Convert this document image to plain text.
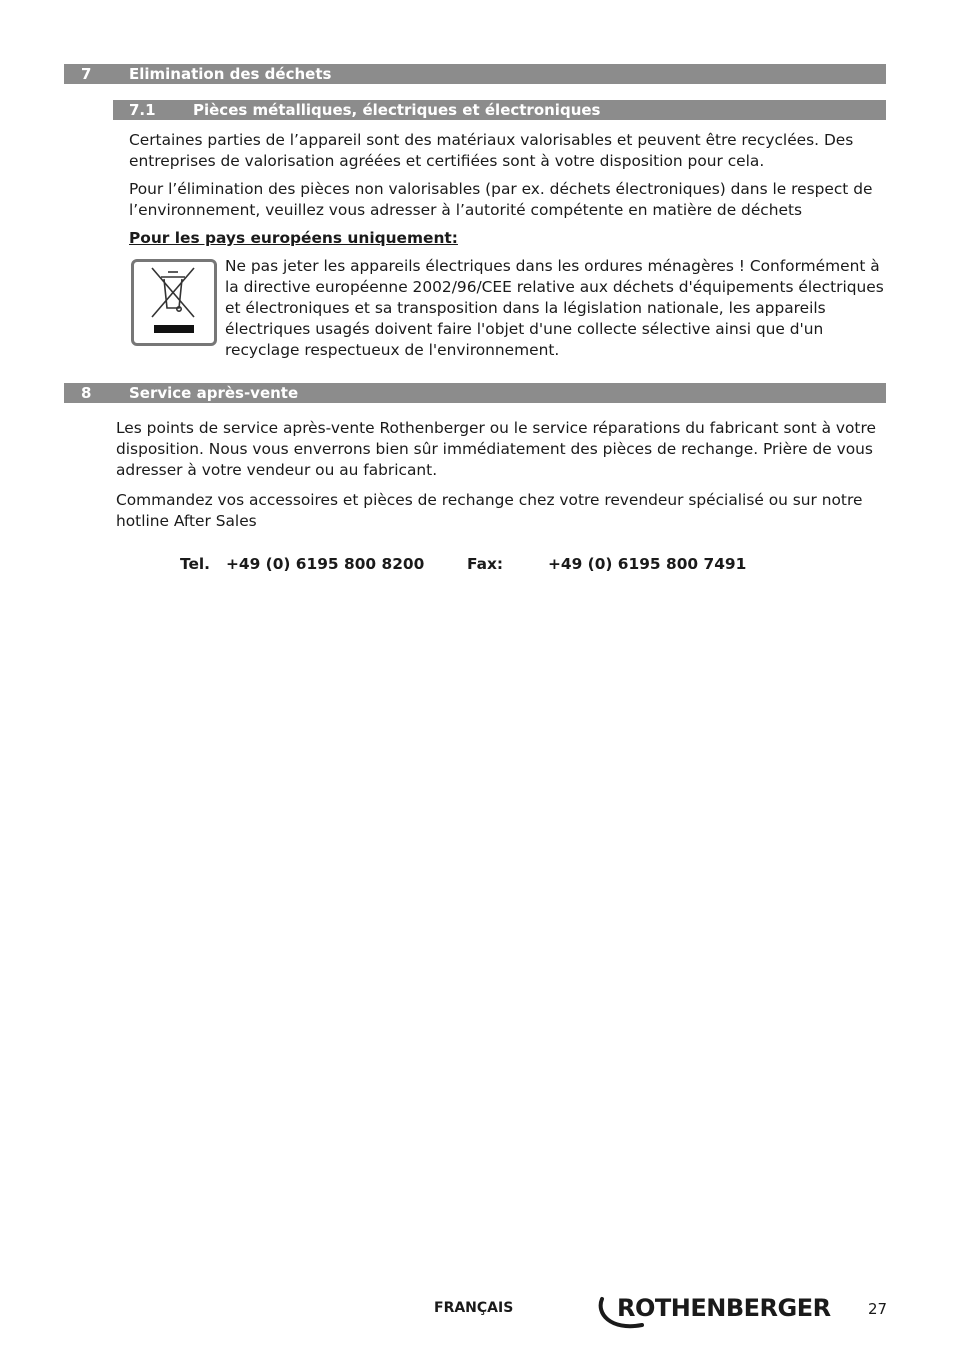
7	Elimination des déchets
7.1 Pièces métalliques, électriques et électroniques

Certaines parties de l’appareil sont des matériaux valorisables et peuvent être recyclées. Des entreprises de valorisation agréées et certifiées sont à votre disposition pour cela.

Pour l’élimination des pièces non valorisables (par ex. déchets électroniques) dans le respect de l’environnement, veuillez vous adresser à l’autorité compétente en matière de déchets

Pour les pays européens uniquement:

Ne pas jeter les appareils électriques dans les ordures ménagères ! Conformément à la directive européenne 2002/96/CEE relative aux déchets d'équipements électriques et électroniques et sa transposition dans la législation nationale, les appareils électriques usagés doivent faire l'objet d'une collecte sélective ainsi que d'un recyclage respectueux de l'environnement.

8	Service après-vente

Les points de service après-vente Rothenberger ou le service réparations du fabricant sont à votre disposition. Nous vous enverrons bien sûr immédiatement des pièces de rechange. Prière de vous adresser à votre vendeur ou au fabricant.

Commandez vos accessoires et pièces de rechange chez votre revendeur spécialisé ou sur notre hotline After Sales

Tel. +49 (0) 6195 800 8200	Fax:	+49 (0) 6195 800 7491
FRANÇAIS	ROTHENBERGER 27
